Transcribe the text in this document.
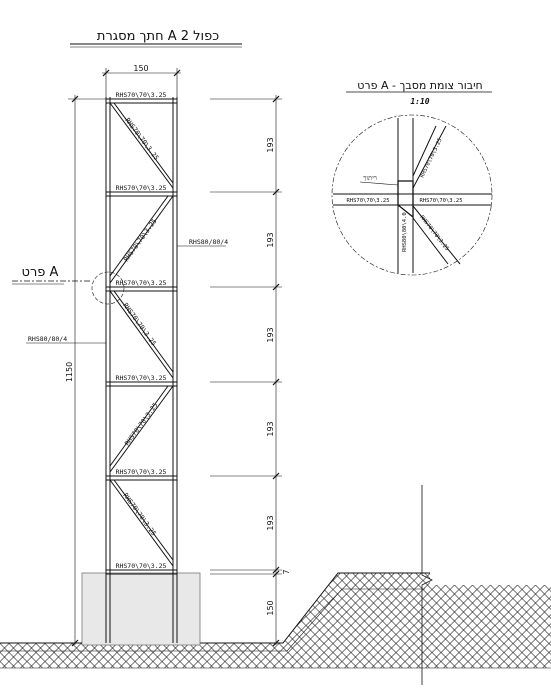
חתך מסגרת A כפול 2
RHS70\70\3.25
RHS70\70\3.25
RHS70\70\3.25
RHS70\70\3.25
RHS70\70\3.25
RHS70\70\3.25
RHS70\70\3.25
RHS70\70\3.25
RHS70\70\3.25
RHS70\70\3.25
RHS70\70\3.25
RHS80/80/4
RHS80/80/4
פרט A
150
1150
193
193
193
193
193
7
150
פרט A - חיבור צומת מסבך
1:10
ריתוך
RHS70\70\3.25	RHS70\70\3.25
RHS80\80\4.0
RHS70\70\3.25
RHS70\70\3.25
